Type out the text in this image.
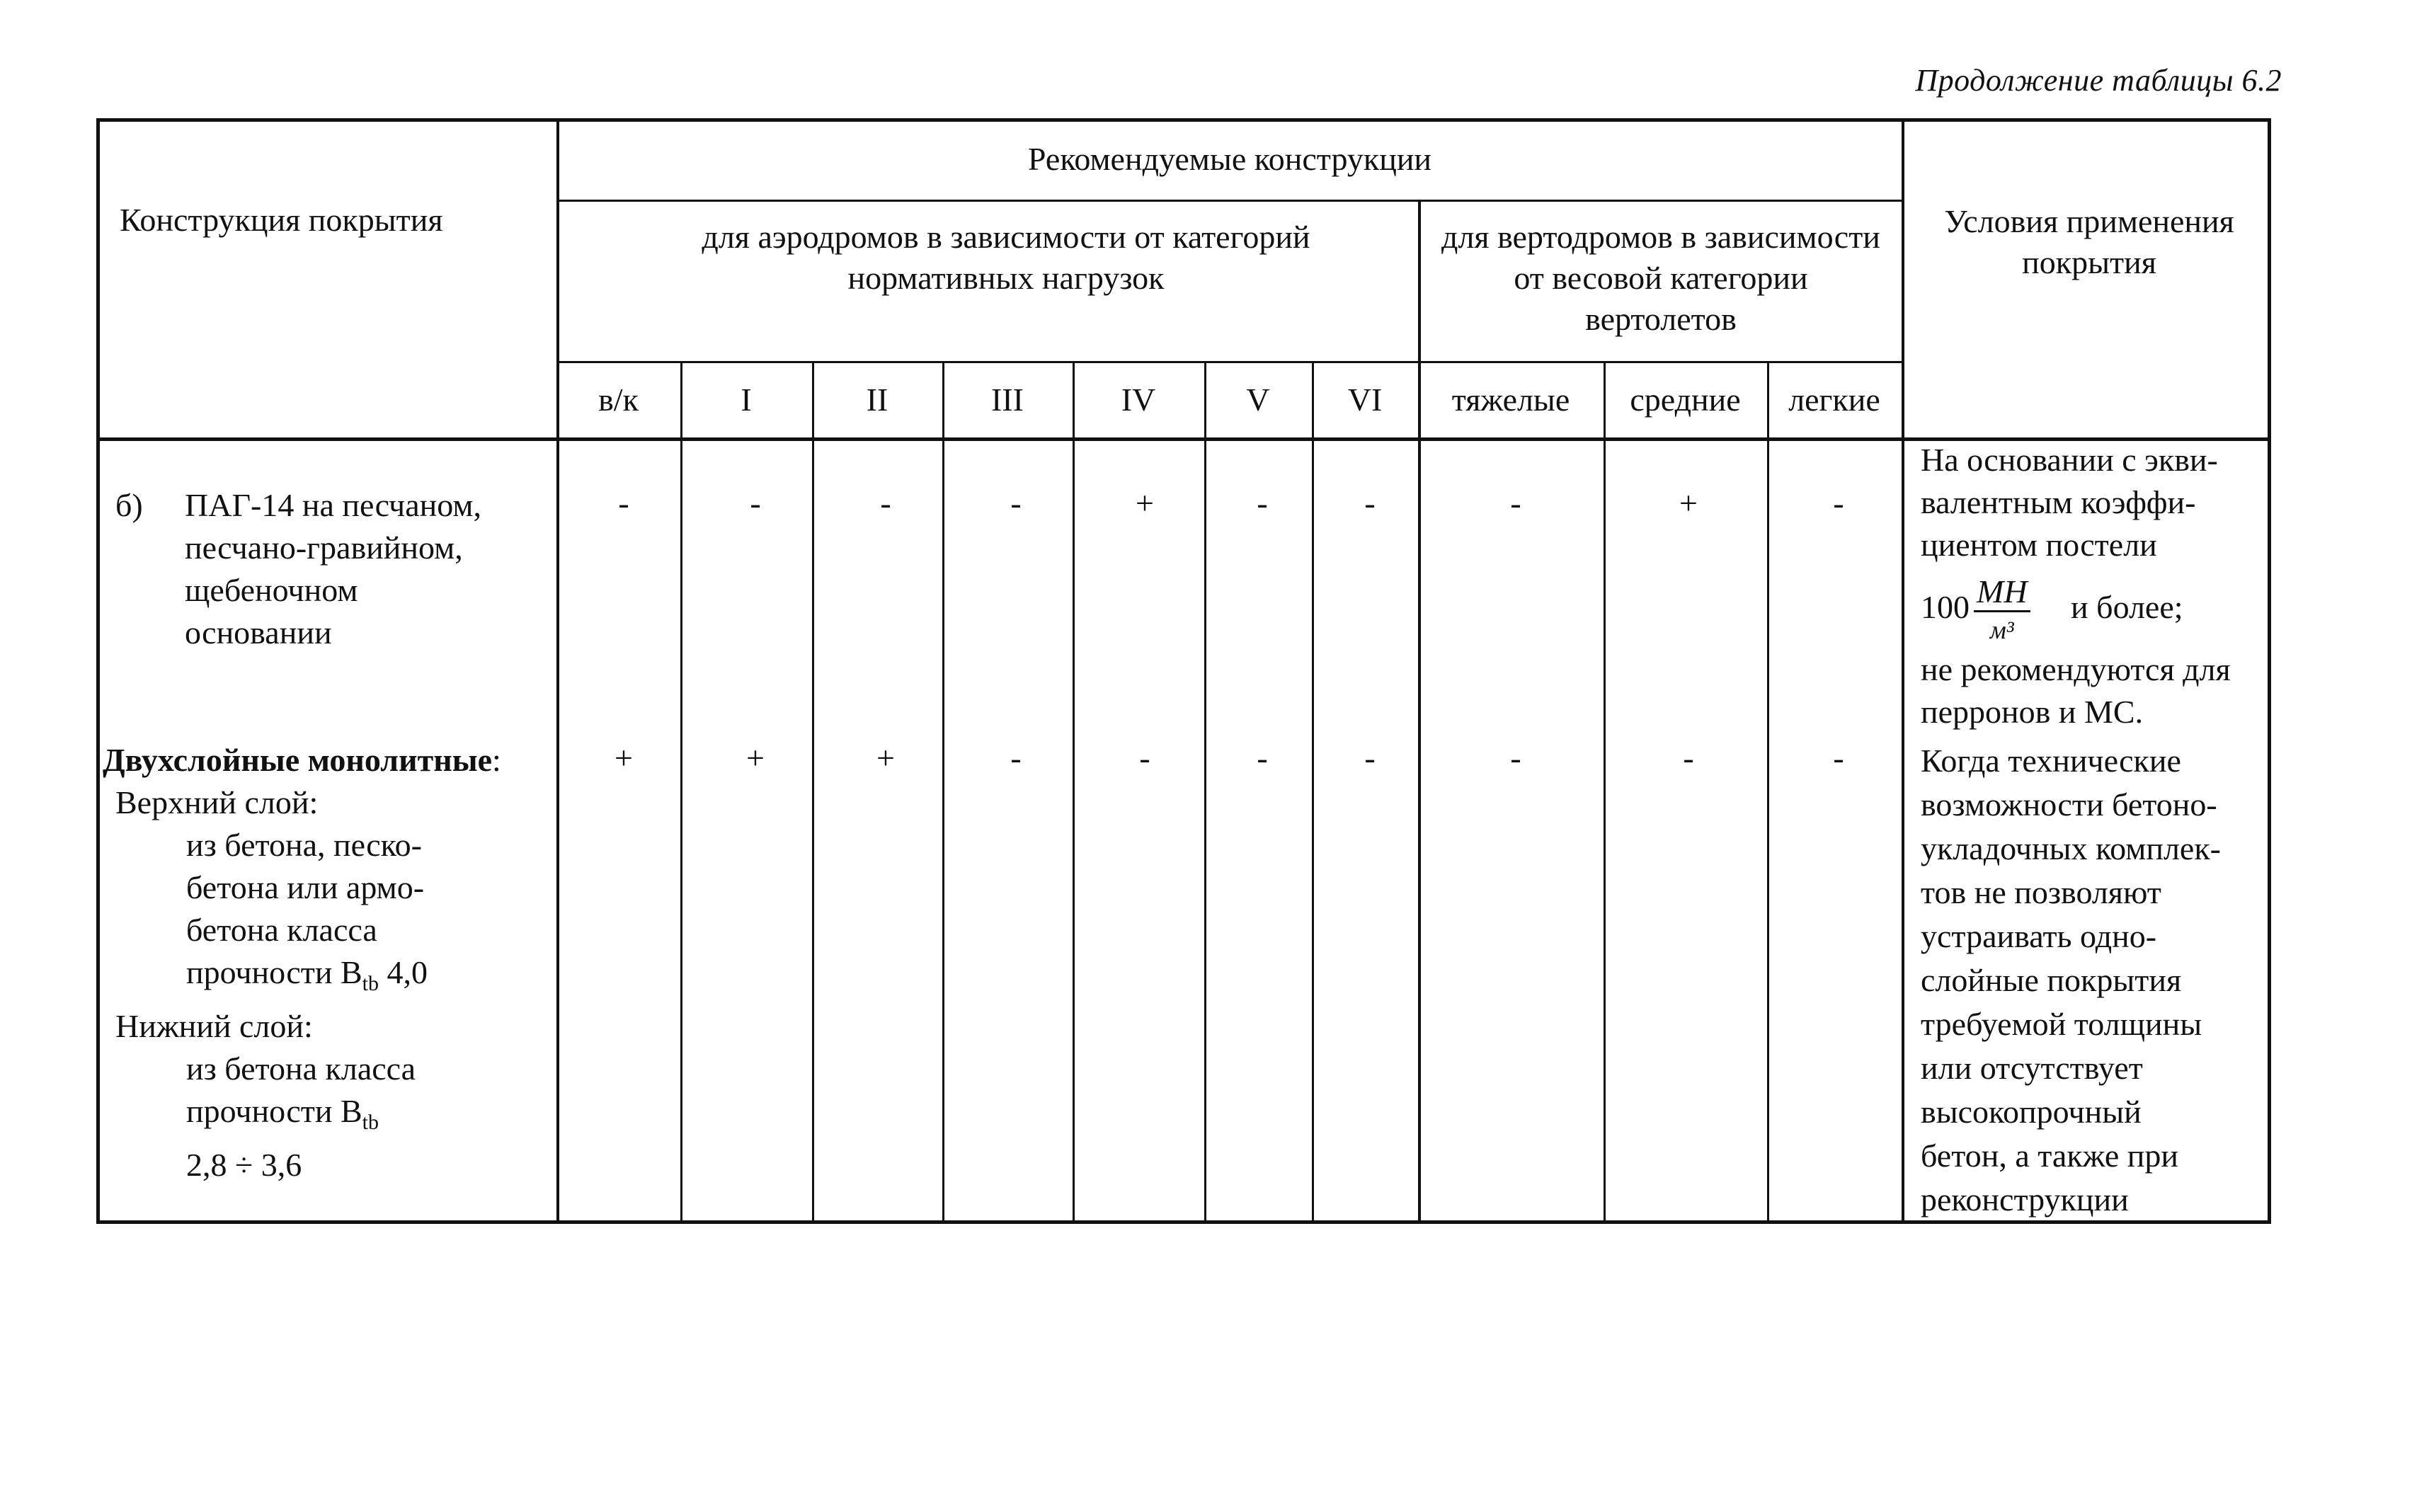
Продолжение таблицы 6.2
Конструкция покрытия
Рекомендуемые конструкции
для аэродромов в зависимости от категорий нормативных нагрузок
для вертодромов в зависимости от весовой категории вертолетов
Условия применения покрытия
в/к	I	II	III	IV	V	VI	тяжелые	средние	легкие
б) ПАГ-14 на песчаном,
песчано-гравийном,
щебеночном
основании
-	-	-	-	+	-	-	-	+	-
На основании с экви-
валентным коэффи-
циентом постели
$100 \frac{МН}{\text{м³}}$ и более;
не рекомендуются для
перронов и МС.
Двухслойные монолитные:
Верхний слой:
из бетона, песко-
бетона или армо-
бетона класса
прочности $B_{tb}$ 4,0
Нижний слой:
из бетона класса
прочности $B_{tb}$
2,8 ÷ 3,6
+	+	+	-	-	-	-	-	-	-	Когда технические
возможности бетоно-
укладочных комплек-
тов не позволяют
устраивать одно-
слойные покрытия
требуемой толщины
или отсутствует
высокопрочный
бетон, а также при
реконструкции
